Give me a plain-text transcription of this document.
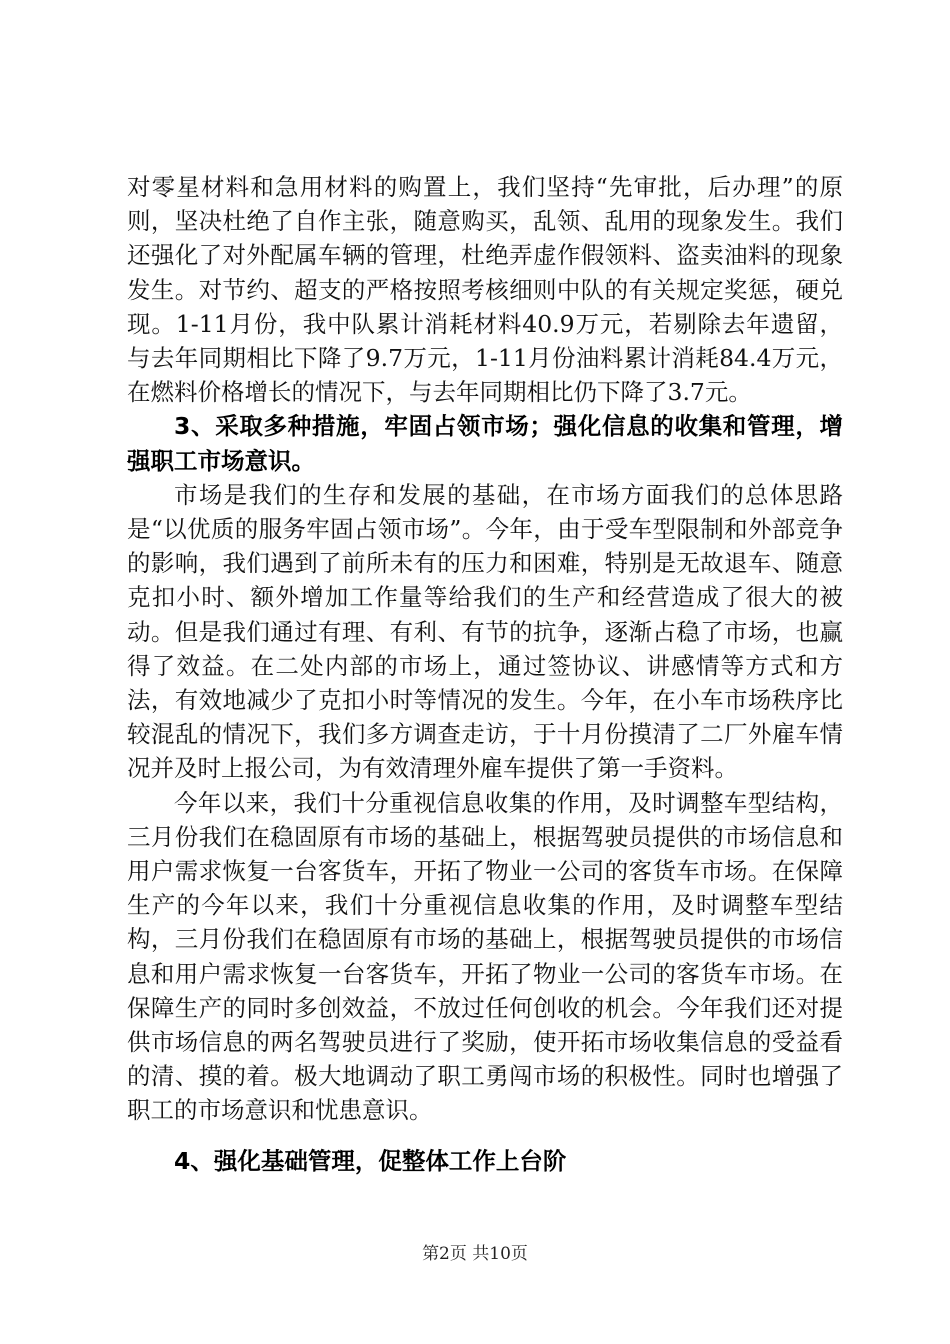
对零星材料和急用材料的购置上，我们坚持“先审批，后办理”的原则，坚决杜绝了自作主张，随意购买，乱领、乱用的现象发生。我们还强化了对外配属车辆的管理，杜绝弄虚作假领料、盗卖油料的现象发生。对节约、超支的严格按照考核细则中队的有关规定奖惩，硬兑现。1-11月份，我中队累计消耗材料40.9万元，若剔除去年遗留，与去年同期相比下降了9.7万元，1-11月份油料累计消耗84.4万元，在燃料价格增长的情况下，与去年同期相比仍下降了3.7元。

3、采取多种措施，牢固占领市场；强化信息的收集和管理，增强职工市场意识。

市场是我们的生存和发展的基础，在市场方面我们的总体思路是“以优质的服务牢固占领市场”。今年，由于受车型限制和外部竞争的影响，我们遇到了前所未有的压力和困难，特别是无故退车、随意克扣小时、额外增加工作量等给我们的生产和经营造成了很大的被动。但是我们通过有理、有利、有节的抗争，逐渐占稳了市场，也赢得了效益。在二处内部的市场上，通过签协议、讲感情等方式和方法，有效地减少了克扣小时等情况的发生。今年，在小车市场秩序比较混乱的情况下，我们多方调查走访，于十月份摸清了二厂外雇车情况并及时上报公司，为有效清理外雇车提供了第一手资料。

今年以来，我们十分重视信息收集的作用，及时调整车型结构，三月份我们在稳固原有市场的基础上，根据驾驶员提供的市场信息和用户需求恢复一台客货车，开拓了物业一公司的客货车市场。在保障生产的今年以来，我们十分重视信息收集的作用，及时调整车型结构，三月份我们在稳固原有市场的基础上，根据驾驶员提供的市场信息和用户需求恢复一台客货车，开拓了物业一公司的客货车市场。在保障生产的同时多创效益，不放过任何创收的机会。今年我们还对提供市场信息的两名驾驶员进行了奖励，使开拓市场收集信息的受益看的清、摸的着。极大地调动了职工勇闯市场的积极性。同时也增强了职工的市场意识和忧患意识。

4、强化基础管理，促整体工作上台阶

第2页 共10页
